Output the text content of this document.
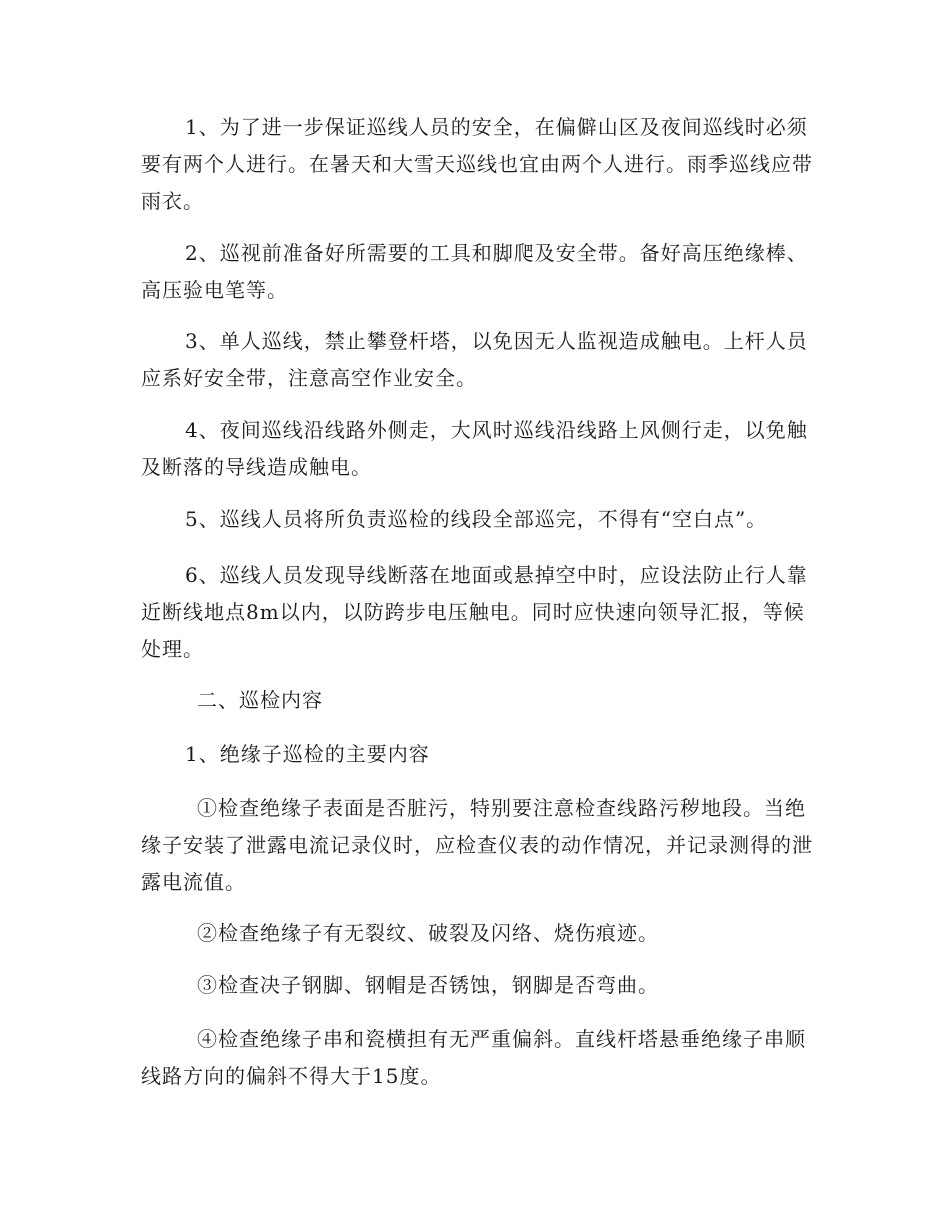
1、为了进一步保证巡线人员的安全，在偏僻山区及夜间巡线时必须要有两个人进行。在暑天和大雪天巡线也宜由两个人进行。雨季巡线应带雨衣。

2、巡视前准备好所需要的工具和脚爬及安全带。备好高压绝缘棒、高压验电笔等。

3、单人巡线，禁止攀登杆塔，以免因无人监视造成触电。上杆人员应系好安全带，注意高空作业安全。

4、夜间巡线沿线路外侧走，大风时巡线沿线路上风侧行走，以免触及断落的导线造成触电。

5、巡线人员将所负责巡检的线段全部巡完，不得有“空白点”。

6、巡线人员发现导线断落在地面或悬掉空中时，应设法防止行人靠近断线地点8m以内，以防跨步电压触电。同时应快速向领导汇报，等候处理。

二、巡检内容

1、绝缘子巡检的主要内容

①检查绝缘子表面是否脏污，特别要注意检查线路污秽地段。当绝缘子安装了泄露电流记录仪时，应检查仪表的动作情况，并记录测得的泄露电流值。

②检查绝缘子有无裂纹、破裂及闪络、烧伤痕迹。

③检查决子钢脚、钢帽是否锈蚀，钢脚是否弯曲。

④检查绝缘子串和瓷横担有无严重偏斜。直线杆塔悬垂绝缘子串顺线路方向的偏斜不得大于15度。
